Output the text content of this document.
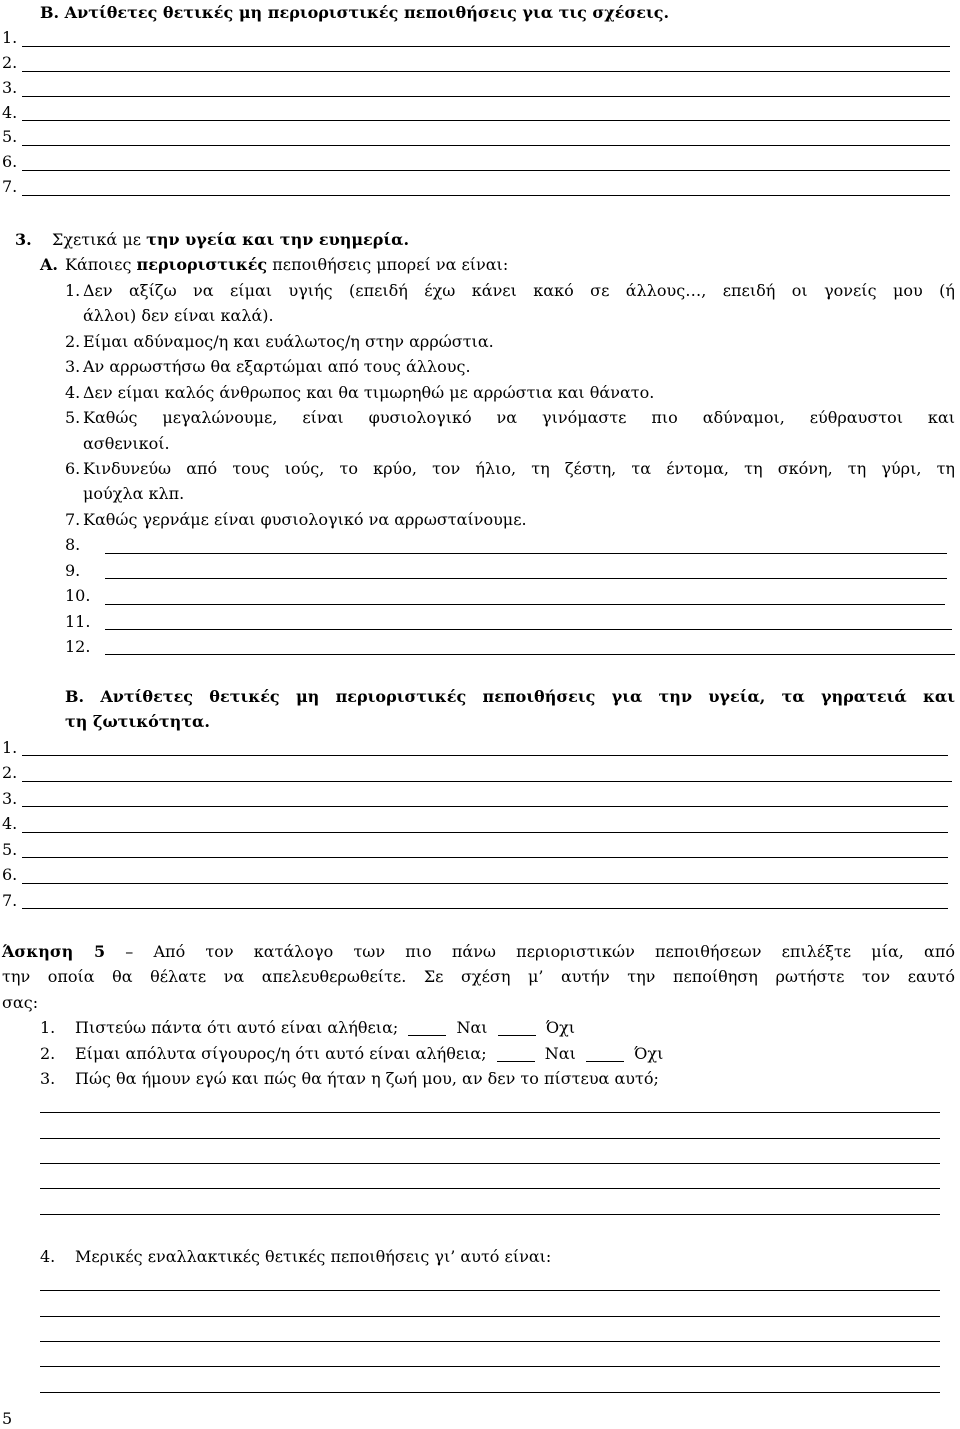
Β. Αντίθετες θετικές μη περιοριστικές πεποιθήσεις για τις σχέσεις.
1.
2.
3.
4.
5.
6.
7.
3. Σχετικά με την υγεία και την ευημερία.
Α. Κάποιες περιοριστικές πεποιθήσεις μπορεί να είναι:
1. Δεν αξίζω να είμαι υγιής (επειδή έχω κάνει κακό σε άλλους…, επειδή οι γονείς μου (ή
άλλοι) δεν είναι καλά).
2. Είμαι αδύναμος/η και ευάλωτος/η στην αρρώστια.
3. Αν αρρωστήσω θα εξαρτώμαι από τους άλλους.
4. Δεν είμαι καλός άνθρωπος και θα τιμωρηθώ με αρρώστια και θάνατο.
5. Καθώς μεγαλώνουμε, είναι φυσιολογικό να γινόμαστε πιο αδύναμοι, εύθραυστοι και
ασθενικοί.
6. Κινδυνεύω από τους ιούς, το κρύο, τον ήλιο, τη ζέστη, τα έντομα, τη σκόνη, τη γύρι, τη
μούχλα κλπ.
7. Καθώς γερνάμε είναι φυσιολογικό να αρρωσταίνουμε.
8.
9.
10.
11.
12.
Β. Αντίθετες θετικές μη περιοριστικές πεποιθήσεις για την υγεία, τα γηρατειά και
τη ζωτικότητα.
1.
2.
3.
4.
5.
6.
7.
Άσκηση 5 – Από τον κατάλογο των πιο πάνω περιοριστικών πεποιθήσεων επιλέξτε μία, από
την οποία θα θέλατε να απελευθερωθείτε. Σε σχέση μ’ αυτήν την πεποίθηση ρωτήστε τον εαυτό
σας:
1. Πιστεύω πάντα ότι αυτό είναι αλήθεια;	Ναι	Όχι
2. Είμαι απόλυτα σίγουρος/η ότι αυτό είναι αλήθεια;	Ναι	Όχι
3. Πώς θα ήμουν εγώ και πώς θα ήταν η ζωή μου, αν δεν το πίστευα αυτό;
4. Μερικές εναλλακτικές θετικές πεποιθήσεις γι’ αυτό είναι:
5
